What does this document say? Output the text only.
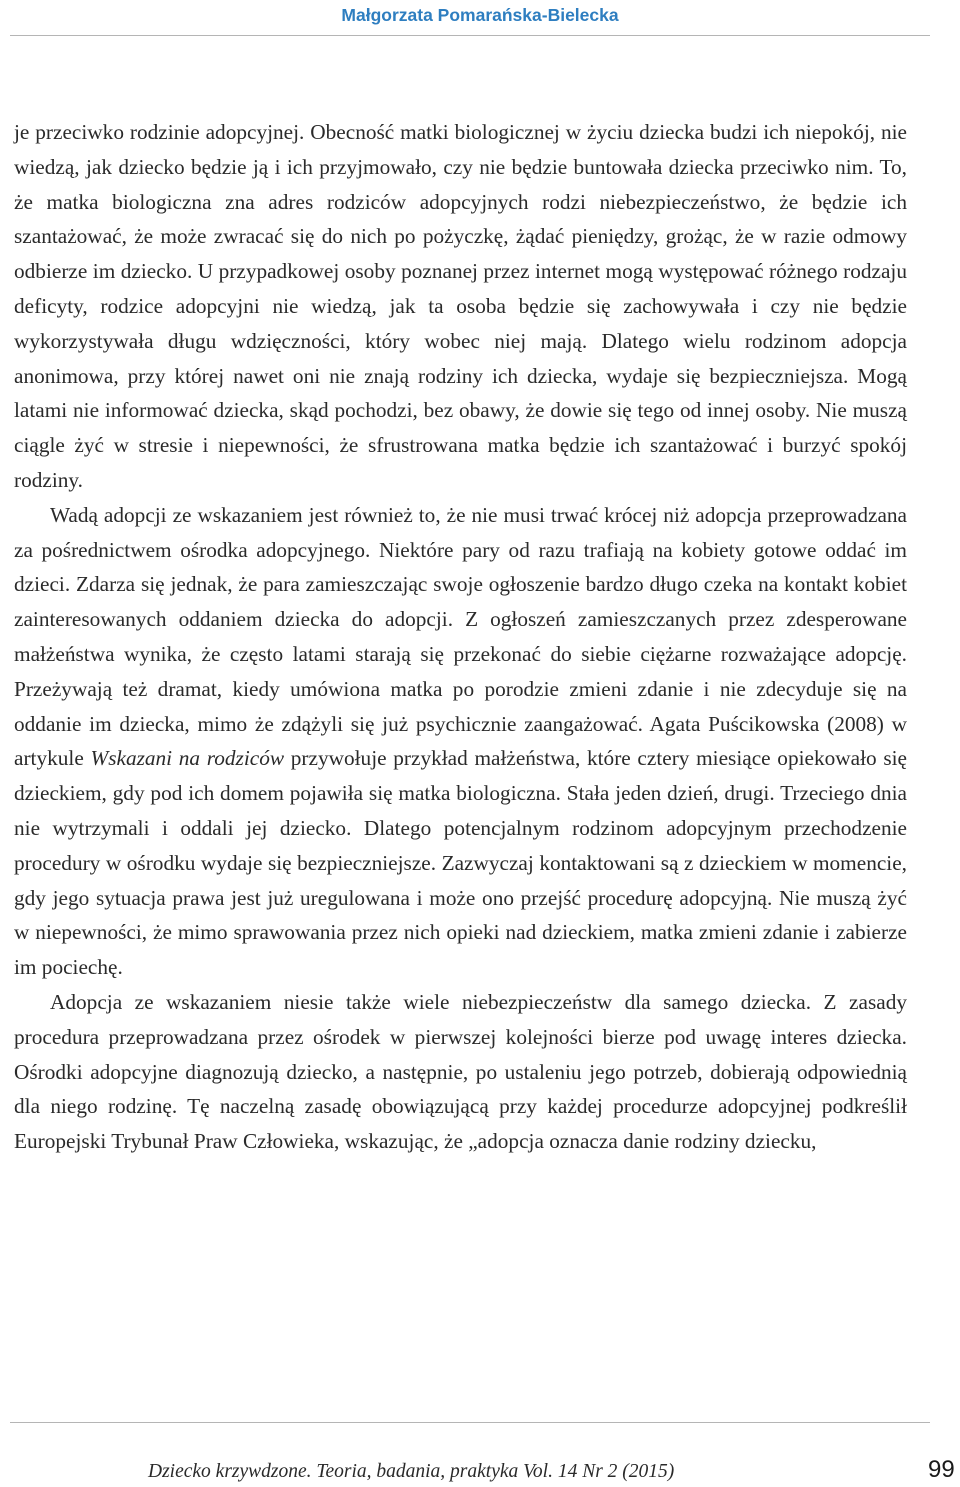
Małgorzata Pomarańska-Bielecka

je przeciwko rodzinie adopcyjnej. Obecność matki biologicznej w życiu dziecka budzi ich niepokój, nie wiedzą, jak dziecko będzie ją i ich przyjmowało, czy nie będzie buntowała dziecka przeciwko nim. To, że matka biologiczna zna adres rodziców adopcyjnych rodzi niebezpieczeństwo, że będzie ich szantażować, że może zwracać się do nich po pożyczkę, żądać pieniędzy, grożąc, że w razie odmowy odbierze im dziecko. U przypadkowej osoby poznanej przez internet mogą występować różnego rodzaju deficyty, rodzice adopcyjni nie wiedzą, jak ta osoba będzie się zachowywała i czy nie będzie wykorzystywała długu wdzięczności, który wobec niej mają. Dlatego wielu rodzinom adopcja anonimowa, przy której nawet oni nie znają rodziny ich dziecka, wydaje się bezpieczniejsza. Mogą latami nie informować dziecka, skąd pochodzi, bez obawy, że dowie się tego od innej osoby. Nie muszą ciągle żyć w stresie i niepewności, że sfrustrowana matka będzie ich szantażować i burzyć spokój rodziny.

Wadą adopcji ze wskazaniem jest również to, że nie musi trwać krócej niż adopcja przeprowadzana za pośrednictwem ośrodka adopcyjnego. Niektóre pary od razu trafiają na kobiety gotowe oddać im dzieci. Zdarza się jednak, że para zamieszczając swoje ogłoszenie bardzo długo czeka na kontakt kobiet zainteresowanych oddaniem dziecka do adopcji. Z ogłoszeń zamieszczanych przez zdesperowane małżeństwa wynika, że często latami starają się przekonać do siebie ciężarne rozważające adopcję. Przeżywają też dramat, kiedy umówiona matka po porodzie zmieni zdanie i nie zdecyduje się na oddanie im dziecka, mimo że zdążyli się już psychicznie zaangażować. Agata Puścikowska (2008) w artykule Wskazani na rodziców przywołuje przykład małżeństwa, które cztery miesiące opiekowało się dzieckiem, gdy pod ich domem pojawiła się matka biologiczna. Stała jeden dzień, drugi. Trzeciego dnia nie wytrzymali i oddali jej dziecko. Dlatego potencjalnym rodzinom adopcyjnym przechodzenie procedury w ośrodku wydaje się bezpieczniejsze. Zazwyczaj kontaktowani są z dzieckiem w momencie, gdy jego sytuacja prawa jest już uregulowana i może ono przejść procedurę adopcyjną. Nie muszą żyć w niepewności, że mimo sprawowania przez nich opieki nad dzieckiem, matka zmieni zdanie i zabierze im pociechę.

Adopcja ze wskazaniem niesie także wiele niebezpieczeństw dla samego dziecka. Z zasady procedura przeprowadzana przez ośrodek w pierwszej kolejności bierze pod uwagę interes dziecka. Ośrodki adopcyjne diagnozują dziecko, a następnie, po ustaleniu jego potrzeb, dobierają odpowiednią dla niego rodzinę. Tę naczelną zasadę obowiązującą przy każdej procedurze adopcyjnej podkreślił Europejski Trybunał Praw Człowieka, wskazując, że „adopcja oznacza danie rodziny dziecku,

Dziecko krzywdzone. Teoria, badania, praktyka Vol. 14 Nr 2 (2015)	99
